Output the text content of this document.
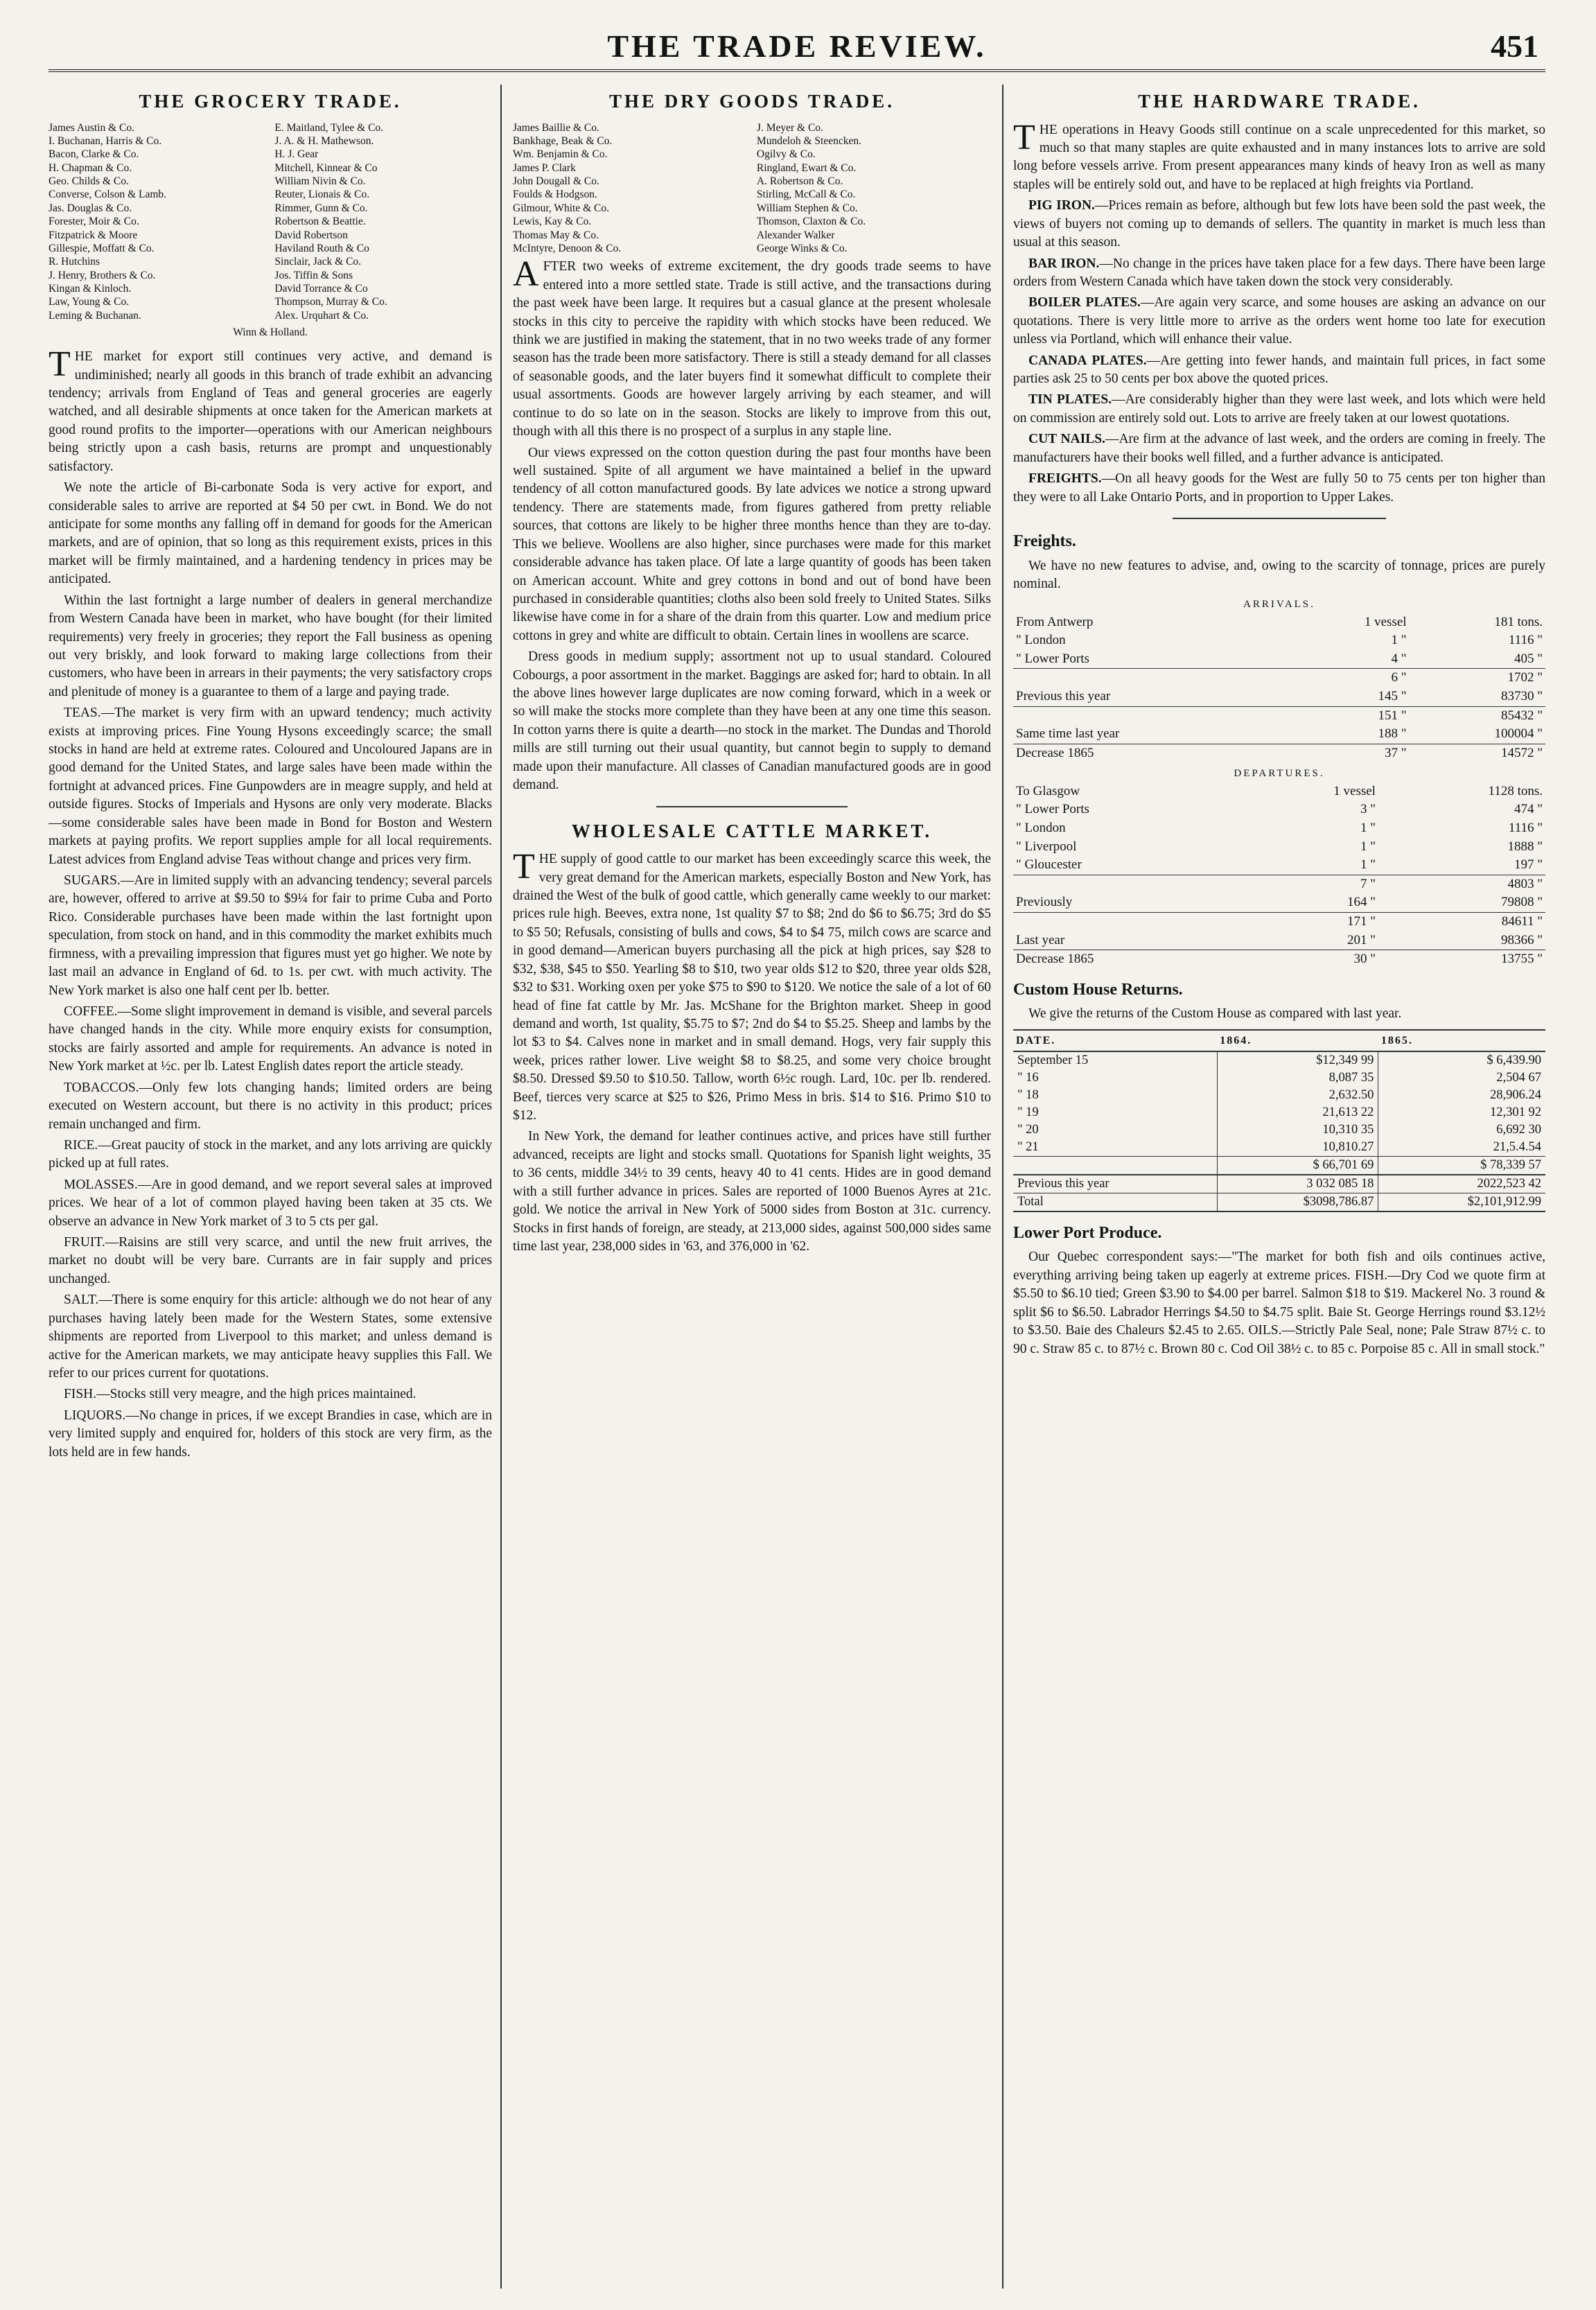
THE TRADE REVIEW.	451
THE GROCERY TRADE.
James Austin & Co.
I. Buchanan, Harris & Co.
Bacon, Clarke & Co.
H. Chapman & Co.
Geo. Childs & Co.
Converse, Colson & Lamb.
Jas. Douglas & Co.
Forester, Moir & Co.
Fitzpatrick & Moore
Gillespie, Moffatt & Co.
R. Hutchins
J. Henry, Brothers & Co.
Kingan & Kinloch.
Law, Young & Co.
Leming & Buchanan.
E. Maitland, Tylee & Co.
J. A. & H. Mathewson.
H. J. Gear
Mitchell, Kinnear & Co
William Nivin & Co.
Reuter, Lionais & Co.
Rimmer, Gunn & Co.
Robertson & Beattie.
David Robertson
Haviland Routh & Co
Sinclair, Jack & Co.
Jos. Tiffin & Sons
David Torrance & Co
Thompson, Murray & Co.
Alex. Urquhart & Co.
Winn & Holland.

THE market for export still continues very active, and demand is undiminished; nearly all goods in this branch of trade exhibit an advancing tendency; arrivals from England of Teas and general groceries are eagerly watched, and all desirable shipments at once taken for the American markets at good round profits to the importer—operations with our American neighbours being strictly upon a cash basis, returns are prompt and unquestionably satisfactory.

We note the article of Bi-carbonate Soda is very active for export, and considerable sales to arrive are reported at $4 50 per cwt. in Bond. We do not anticipate for some months any falling off in demand for goods for the American markets, and are of opinion, that so long as this requirement exists, prices in this market will be firmly maintained, and a hardening tendency in prices may be anticipated.

Within the last fortnight a large number of dealers in general merchandize from Western Canada have been in market, who have bought (for their limited requirements) very freely in groceries; they report the Fall business as opening out very briskly, and look forward to making large collections from their customers, who have been in arrears in their payments; the very satisfactory crops and plenitude of money is a guarantee to them of a large and paying trade.

TEAS.—The market is very firm with an upward tendency; much activity exists at improving prices. Fine Young Hysons exceedingly scarce; the small stocks in hand are held at extreme rates. Coloured and Uncoloured Japans are in good demand for the United States, and large sales have been made within the fortnight at advanced prices. Fine Gunpowders are in meagre supply, and held at outside figures. Stocks of Imperials and Hysons are only very moderate. Blacks—some considerable sales have been made in Bond for Boston and Western markets at paying profits. We report supplies ample for all local requirements. Latest advices from England advise Teas without change and prices very firm.

SUGARS.—Are in limited supply with an advancing tendency; several parcels are, however, offered to arrive at $9.50 to $9¼ for fair to prime Cuba and Porto Rico. Considerable purchases have been made within the last fortnight upon speculation, from stock on hand, and in this commodity the market exhibits much firmness, with a prevailing impression that figures must yet go higher. We note by last mail an advance in England of 6d. to 1s. per cwt. with much activity. The New York market is also one half cent per lb. better.

COFFEE.—Some slight improvement in demand is visible, and several parcels have changed hands in the city. While more enquiry exists for consumption, stocks are fairly assorted and ample for requirements. An advance is noted in New York market at ½c. per lb. Latest English dates report the article steady.

TOBACCOS.—Only few lots changing hands; limited orders are being executed on Western account, but there is no activity in this product; prices remain unchanged and firm.

RICE.—Great paucity of stock in the market, and any lots arriving are quickly picked up at full rates.

MOLASSES.—Are in good demand, and we report several sales at improved prices. We hear of a lot of common played having been taken at 35 cts. We observe an advance in New York market of 3 to 5 cts per gal.

FRUIT.—Raisins are still very scarce, and until the new fruit arrives, the market no doubt will be very bare. Currants are in fair supply and prices unchanged.

SALT.—There is some enquiry for this article: although we do not hear of any purchases having lately been made for the Western States, some extensive shipments are reported from Liverpool to this market; and unless demand is active for the American markets, we may anticipate heavy supplies this Fall. We refer to our prices current for quotations.

FISH.—Stocks still very meagre, and the high prices maintained.

LIQUORS.—No change in prices, if we except Brandies in case, which are in very limited supply and enquired for, holders of this stock are very firm, as the lots held are in few hands.

THE DRY GOODS TRADE.
James Baillie & Co.
Bankhage, Beak & Co.
Wm. Benjamin & Co.
James P. Clark
John Dougall & Co.
Foulds & Hodgson.
Gilmour, White & Co.
Lewis, Kay & Co.
Thomas May & Co.
McIntyre, Denoon & Co.
J. Meyer & Co.
Mundeloh & Steencken.
Ogilvy & Co.
Ringland, Ewart & Co.
A. Robertson & Co.
Stirling, McCall & Co.
William Stephen & Co.
Thomson, Claxton & Co.
Alexander Walker
George Winks & Co.

AFTER two weeks of extreme excitement, the dry goods trade seems to have entered into a more settled state. Trade is still active, and the transactions during the past week have been large. It requires but a casual glance at the present wholesale stocks in this city to perceive the rapidity with which stocks have been reduced. We think we are justified in making the statement, that in no two weeks trade of any former season has the trade been more satisfactory. There is still a steady demand for all classes of seasonable goods, and the later buyers find it somewhat difficult to complete their usual assortments. Goods are however largely arriving by each steamer, and will continue to do so late on in the season. Stocks are likely to improve from this out, though with all this there is no prospect of a surplus in any staple line.

Our views expressed on the cotton question during the past four months have been well sustained. Spite of all argument we have maintained a belief in the upward tendency of all cotton manufactured goods. By late advices we notice a strong upward tendency. There are statements made, from figures gathered from pretty reliable sources, that cottons are likely to be higher three months hence than they are to-day. This we believe. Woollens are also higher, since purchases were made for this market considerable advance has taken place. Of late a large quantity of goods has been taken on American account. White and grey cottons in bond and out of bond have been purchased in considerable quantities; cloths also been sold freely to United States. Silks likewise have come in for a share of the drain from this quarter. Low and medium price cottons in grey and white are difficult to obtain. Certain lines in woollens are scarce.

Dress goods in medium supply; assortment not up to usual standard. Coloured Cobourgs, a poor assortment in the market. Baggings are asked for; hard to obtain. In all the above lines however large duplicates are now coming forward, which in a week or so will make the stocks more complete than they have been at any one time this season. In cotton yarns there is quite a dearth—no stock in the market. The Dundas and Thorold mills are still turning out their usual quantity, but cannot begin to supply to demand made upon their manufacture. All classes of Canadian manufactured goods are in good demand.

WHOLESALE CATTLE MARKET.

THE supply of good cattle to our market has been exceedingly scarce this week, the very great demand for the American markets, especially Boston and New York, has drained the West of the bulk of good cattle, which generally came weekly to our market: prices rule high. Beeves, extra none, 1st quality $7 to $8; 2nd do $6 to $6.75; 3rd do $5 to $5 50; Refusals, consisting of bulls and cows, $4 to $4 75, milch cows are scarce and in good demand—American buyers purchasing all the pick at high prices, say $28 to $32, $38, $45 to $50. Yearling $8 to $10, two year olds $12 to $20, three year olds $28, $32 to $31. Working oxen per yoke $75 to $90 to $120. We notice the sale of a lot of 60 head of fine fat cattle by Mr. Jas. McShane for the Brighton market. Sheep in good demand and worth, 1st quality, $5.75 to $7; 2nd do $4 to $5.25. Sheep and lambs by the lot $3 to $4. Calves none in market and in small demand. Hogs, very fair supply this week, prices rather lower. Live weight $8 to $8.25, and some very choice brought $8.50. Dressed $9.50 to $10.50. Tallow, worth 6½c rough. Lard, 10c. per lb. rendered. Beef, tierces very scarce at $25 to $26, Primo Mess in bris. $14 to $16. Primo $10 to $12.

In New York, the demand for leather continues active, and prices have still further advanced, receipts are light and stocks small. Quotations for Spanish light weights, 35 to 36 cents, middle 34½ to 39 cents, heavy 40 to 41 cents. Hides are in good demand with a still further advance in prices. Sales are reported of 1000 Buenos Ayres at 21c. gold. We notice the arrival in New York of 5000 sides from Boston at 31c. currency. Stocks in first hands of foreign, are steady, at 213,000 sides, against 500,000 sides same time last year, 238,000 sides in '63, and 376,000 in '62.

THE HARDWARE TRADE.

THE operations in Heavy Goods still continue on a scale unprecedented for this market, so much so that many staples are quite exhausted and in many instances lots to arrive are sold long before vessels arrive. From present appearances many kinds of heavy Iron as well as many staples will be entirely sold out, and have to be replaced at high freights via Portland.

PIG IRON.—Prices remain as before, although but few lots have been sold the past week, the views of buyers not coming up to demands of sellers. The quantity in market is much less than usual at this season.

BAR IRON.—No change in the prices have taken place for a few days. There have been large orders from Western Canada which have taken down the stock very considerably.

BOILER PLATES.—Are again very scarce, and some houses are asking an advance on our quotations. There is very little more to arrive as the orders went home too late for execution unless via Portland, which will enhance their value.

CANADA PLATES.—Are getting into fewer hands, and maintain full prices, in fact some parties ask 25 to 50 cents per box above the quoted prices.

TIN PLATES.—Are considerably higher than they were last week, and lots which were held on commission are entirely sold out. Lots to arrive are freely taken at our lowest quotations.

CUT NAILS.—Are firm at the advance of last week, and the orders are coming in freely. The manufacturers have their books well filled, and a further advance is anticipated.

FREIGHTS.—On all heavy goods for the West are fully 50 to 75 cents per ton higher than they were to all Lake Ontario Ports, and in proportion to Upper Lakes.

Freights.

We have no new features to advise, and, owing to the scarcity of tonnage, prices are purely nominal.

ARRIVALS.
From Antwerp	1 vessel	181 tons.
" London	1 "	1116 "
" Lower Ports	4 "	405 "
	6 "	1702 "
Previous this year	145 "	83730 "
	151 "	85432 "
Same time last year	188 "	100004 "
Decrease 1865	37 "	14572 "
DEPARTURES.
To Glasgow	1 vessel	1128 tons.
" Lower Ports	3 "	474 "
" London	1 "	1116 "
" Liverpool	1 "	1888 "
" Gloucester	1 "	197 "
	7 "	4803 "
Previously	164 "	79808 "
	171 "	84611 "
Last year	201 "	98366 "
Decrease 1865	30 "	13755 "
Custom House Returns.

We give the returns of the Custom House as compared with last year.

DATE.	1864.	1865.
September 15	$12,349 99	$ 6,439.90
" 16	8,087 35	2,504 67
" 18	2,632.50	28,906.24
" 19	21,613 22	12,301 92
" 20	10,310 35	6,692 30
" 21	10,810.27	21,5.4.54
	$ 66,701 69	$ 78,339 57
Previous this year	3 032 085 18	2022,523 42
Total	$3098,786.87	$2,101,912.99
Lower Port Produce.

Our Quebec correspondent says:—"The market for both fish and oils continues active, everything arriving being taken up eagerly at extreme prices. FISH.—Dry Cod we quote firm at $5.50 to $6.10 tied; Green $3.90 to $4.00 per barrel. Salmon $18 to $19. Mackerel No. 3 round & split $6 to $6.50. Labrador Herrings $4.50 to $4.75 split. Baie St. George Herrings round $3.12½ to $3.50. Baie des Chaleurs $2.45 to 2.65. OILS.—Strictly Pale Seal, none; Pale Straw 87½ c. to 90 c. Straw 85 c. to 87½ c. Brown 80 c. Cod Oil 38½ c. to 85 c. Porpoise 85 c. All in small stock."
